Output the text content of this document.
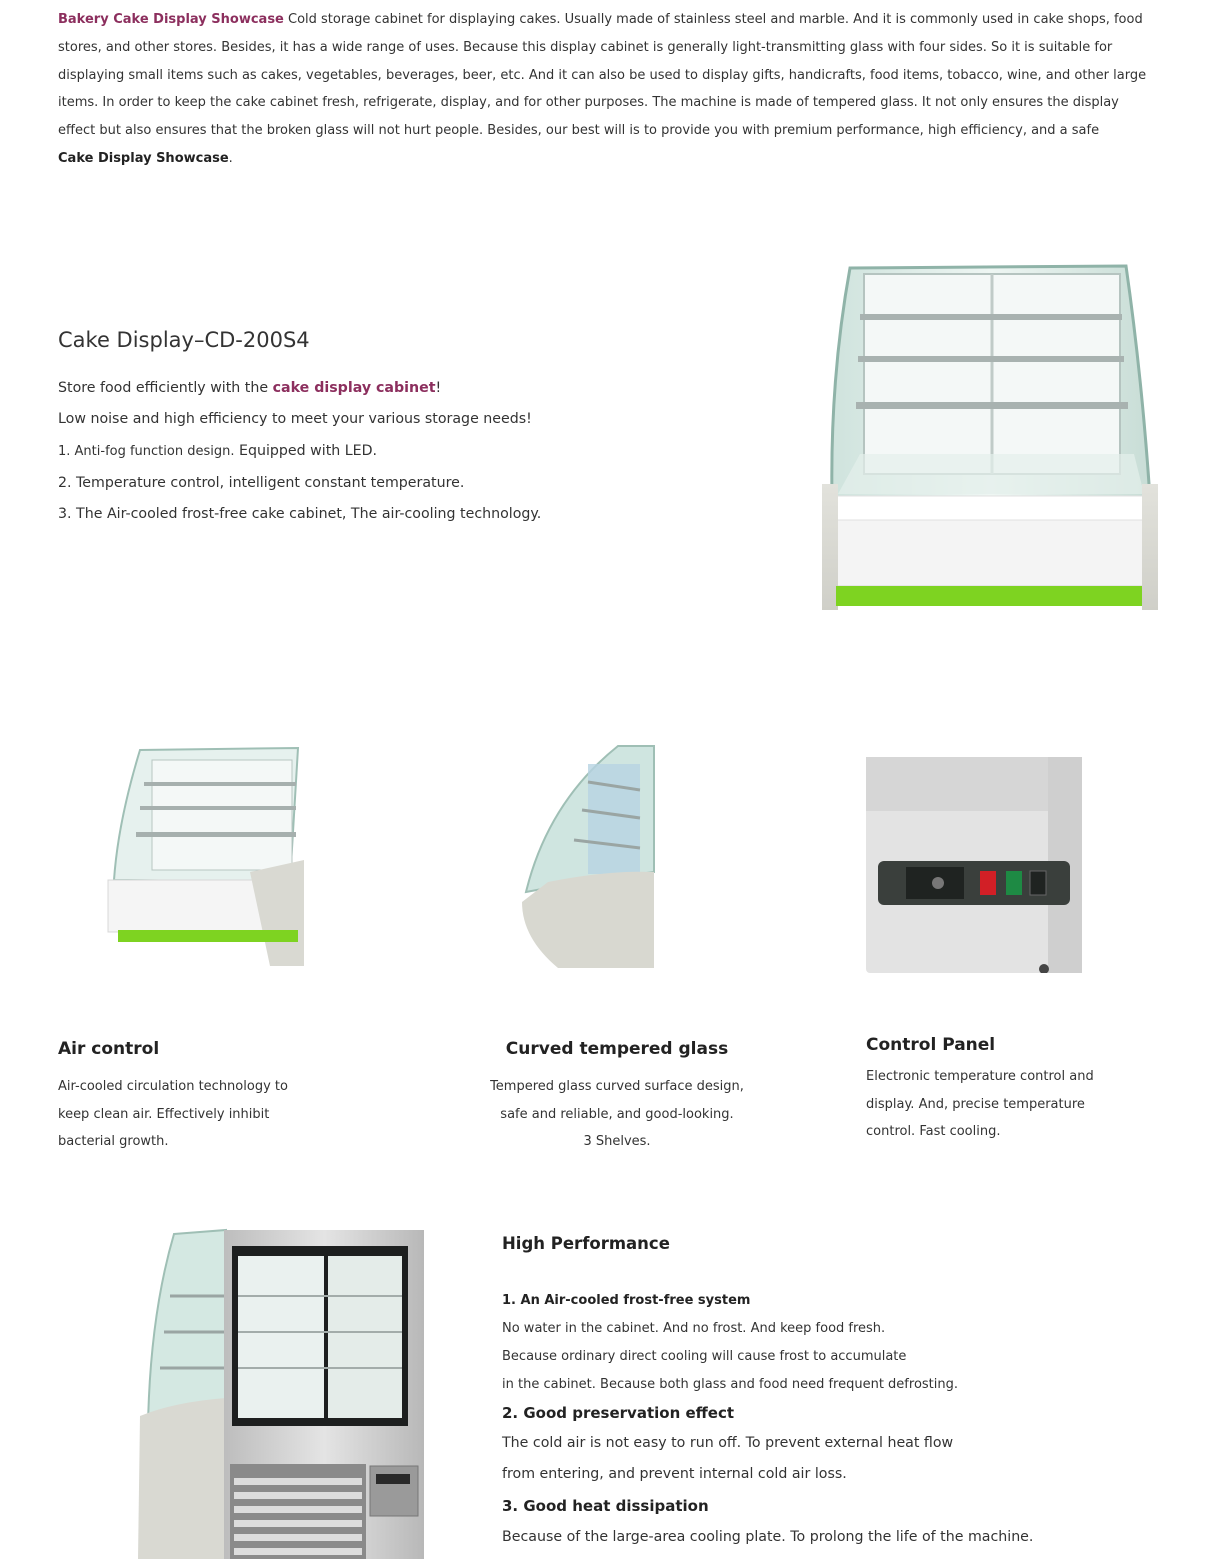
Bakery Cake Display Showcase Cold storage cabinet for displaying cakes. Usually made of stainless steel and marble. And it is commonly used in cake shops, food stores, and other stores. Besides, it has a wide range of uses. Because this display cabinet is generally light-transmitting glass with four sides. So it is suitable for displaying small items such as cakes, vegetables, beverages, beer, etc. And it can also be used to display gifts, handicrafts, food items, tobacco, wine, and other large items. In order to keep the cake cabinet fresh, refrigerate, display, and for other purposes. The machine is made of tempered glass. It not only ensures the display effect but also ensures that the broken glass will not hurt people. Besides, our best will is to provide you with premium performance, high efficiency, and a safe
Cake Display Showcase.

Cake Display–CD-200S4
Store food efficiently with the cake display cabinet!
Low noise and high efficiency to meet your various storage needs!
1. Anti-fog function design. Equipped with LED.
2. Temperature control, intelligent constant temperature.
3. The Air-cooled frost-free cake cabinet, The air-cooling technology.
Air control
Air-cooled circulation technology to
keep clean air. Effectively inhibit
bacterial growth.
Curved tempered glass
Tempered glass curved surface design,
safe and reliable, and good-looking.
3 Shelves.
Control Panel
Electronic temperature control and
display. And, precise temperature
control. Fast cooling.
High Performance
1. An Air-cooled frost-free system
No water in the cabinet. And no frost. And keep food fresh.
Because ordinary direct cooling will cause frost to accumulate
in the cabinet. Because both glass and food need frequent defrosting.
2. Good preservation effect
The cold air is not easy to run off. To prevent external heat flow
from entering, and prevent internal cold air loss.
3. Good heat dissipation
Because of the large-area cooling plate. To prolong the life of the machine.
